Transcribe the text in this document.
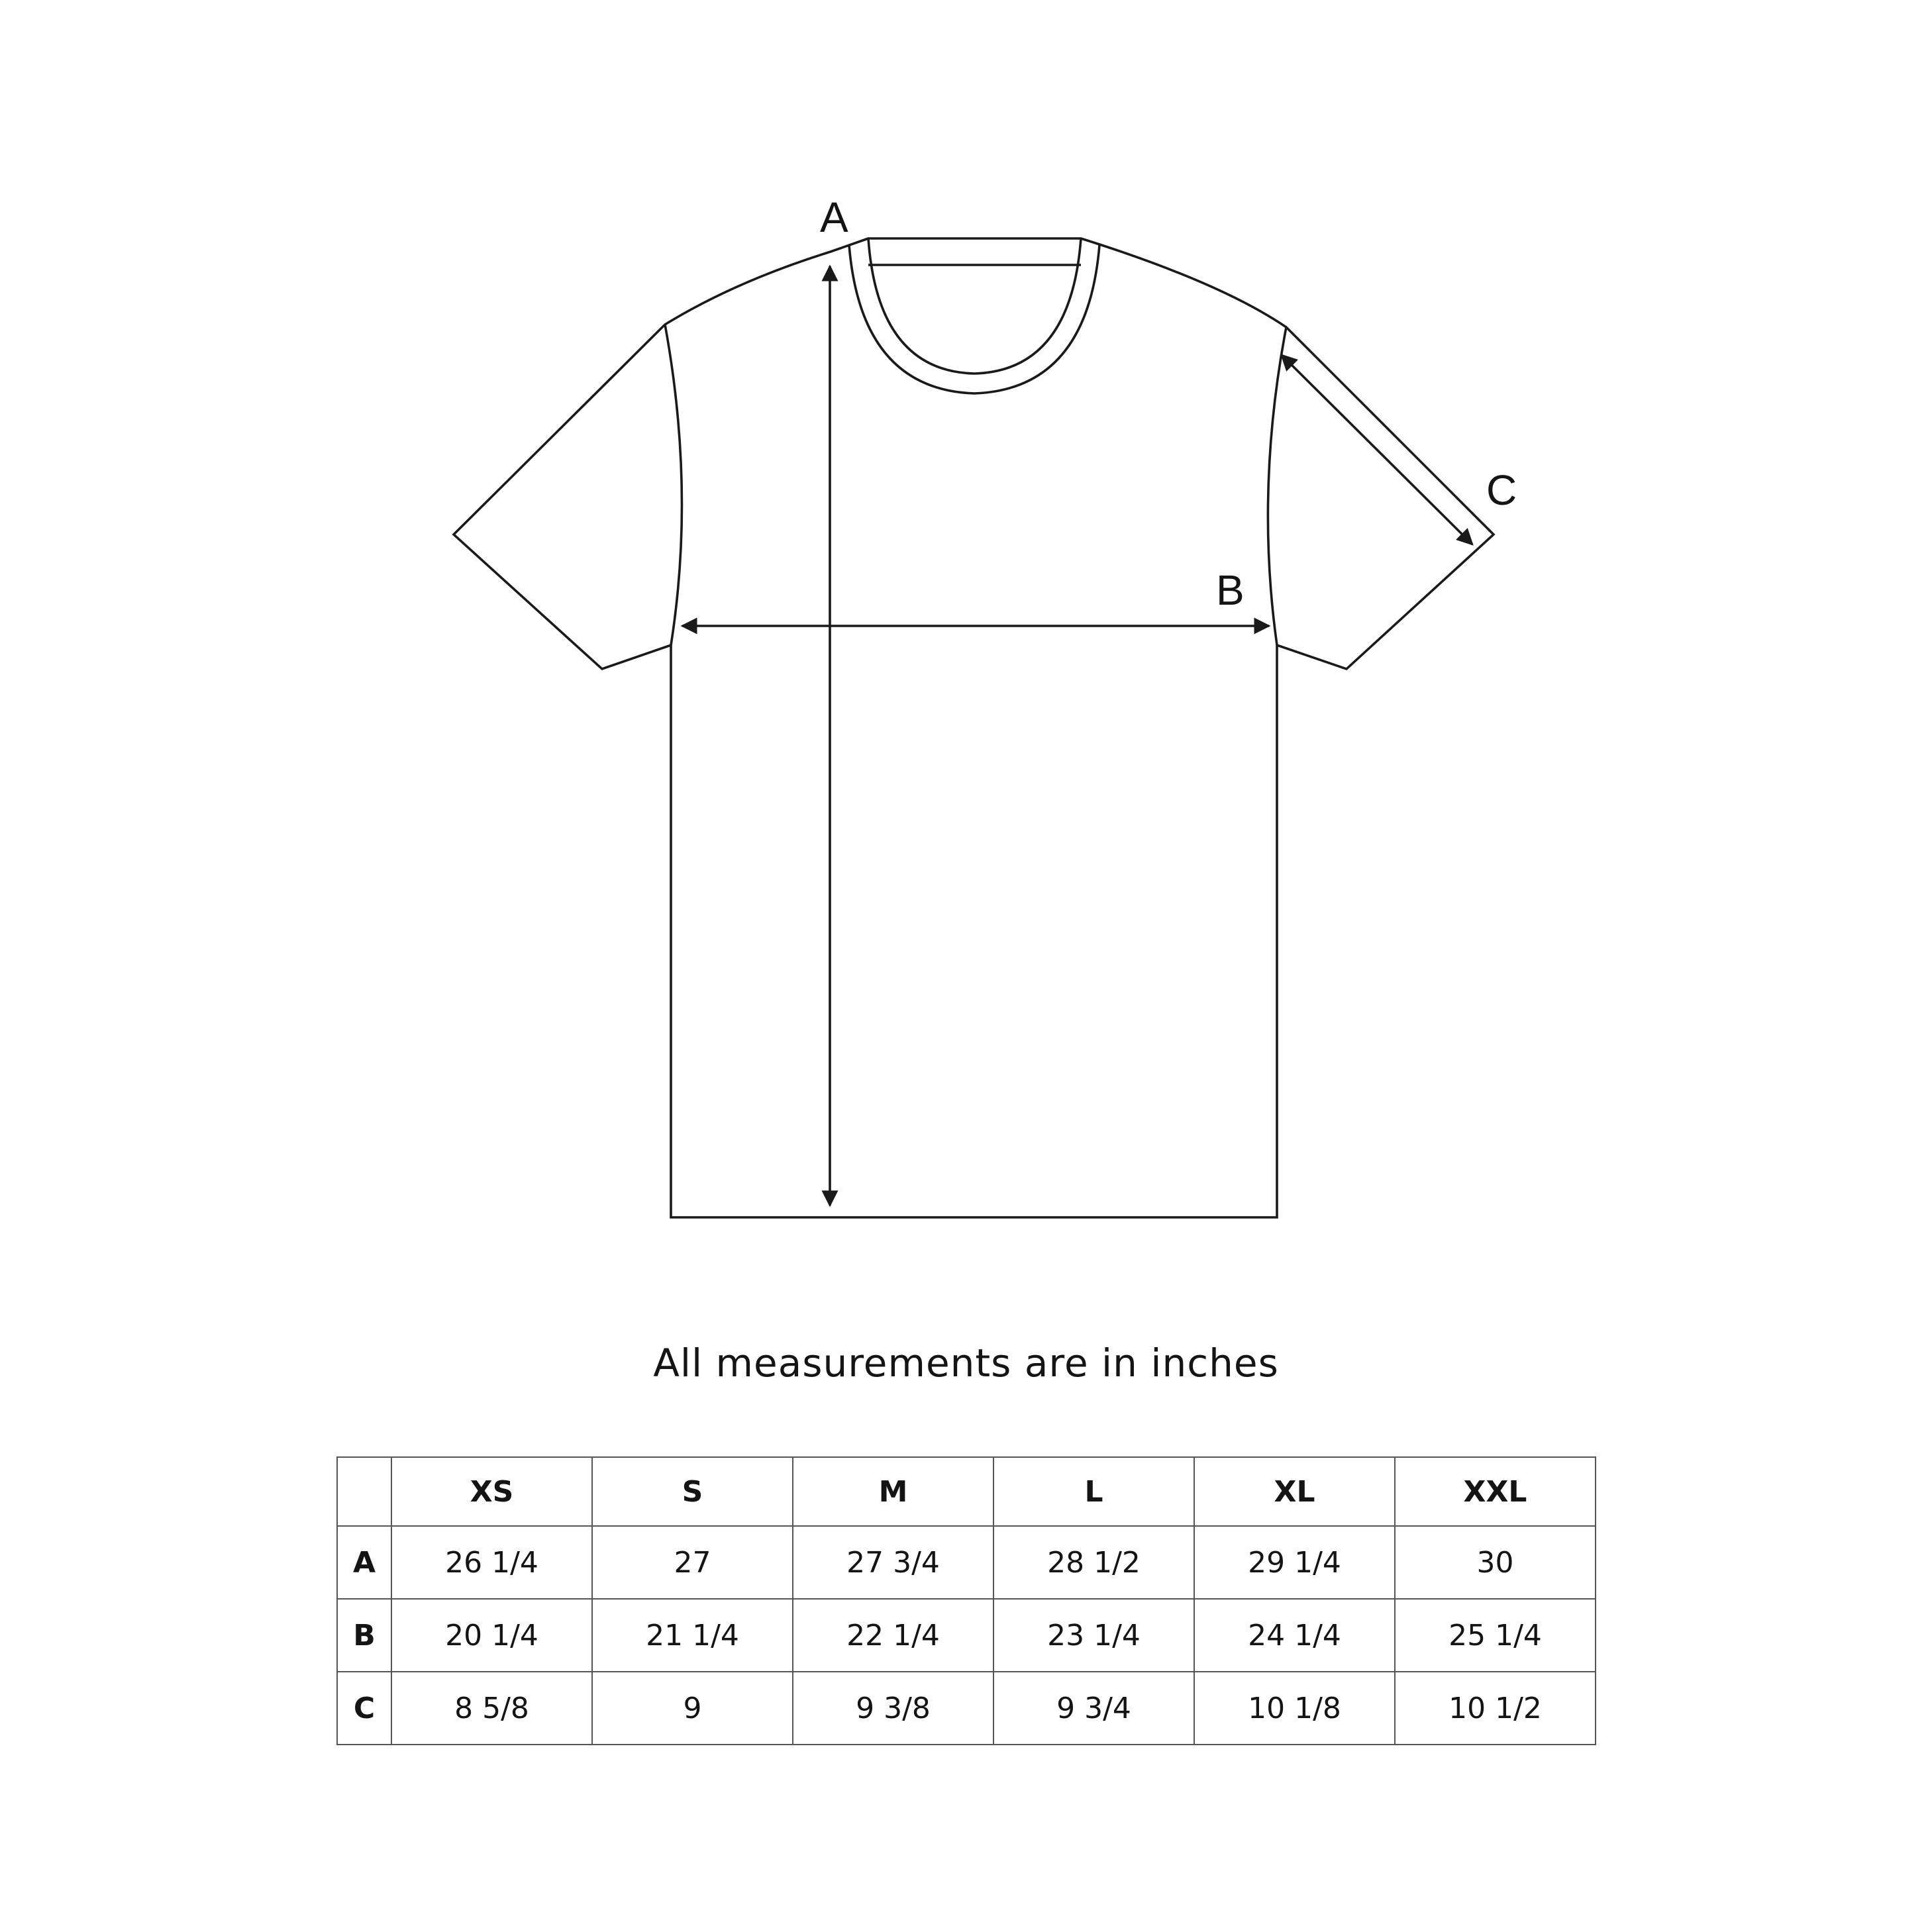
A
B
C
All measurements are in inches
	XS	S	M	L	XL	XXL
A	26 1/4	27	27 3/4	28 1/2	29 1/4	30
B	20 1/4	21 1/4	22 1/4	23 1/4	24 1/4	25 1/4
C	8 5/8	9	9 3/8	9 3/4	10 1/8	10 1/2
